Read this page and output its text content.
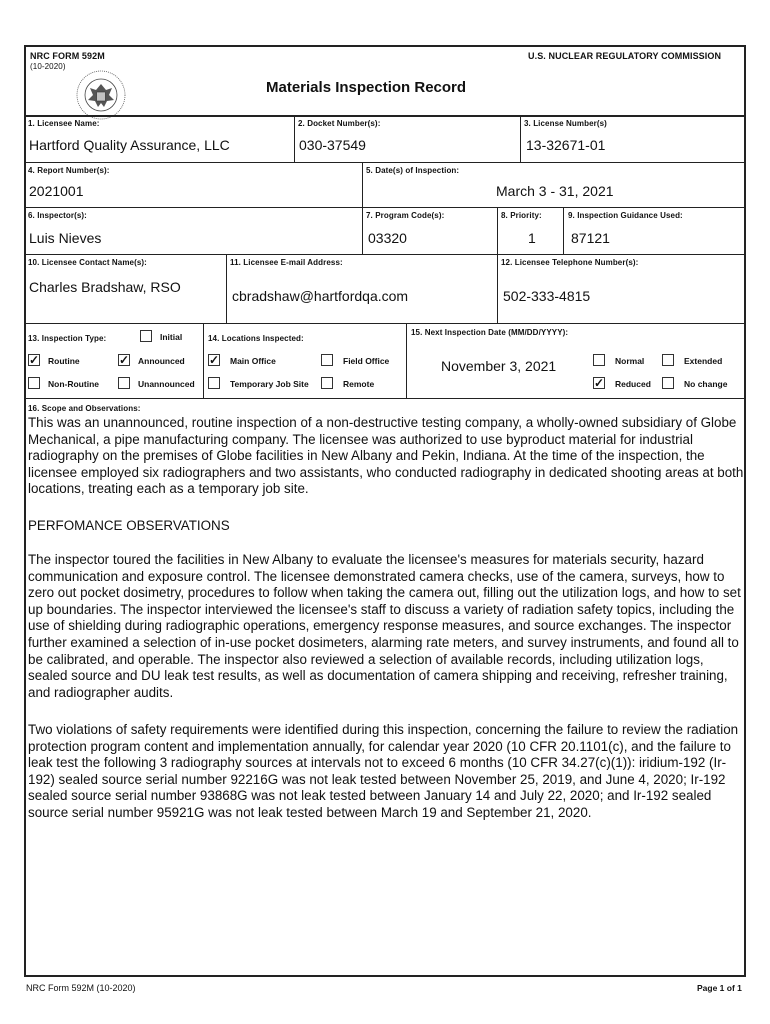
NRC FORM 592M
(10-2020)
U.S. NUCLEAR REGULATORY COMMISSION
Materials Inspection Record
1. Licensee Name:
Hartford Quality Assurance, LLC
2. Docket Number(s):
030-37549
3. License Number(s)
13-32671-01
4. Report Number(s):
2021001
5. Date(s) of Inspection:
March 3 - 31, 2021
6. Inspector(s):
Luis Nieves
7. Program Code(s):
03320
8. Priority:
1
9. Inspection Guidance Used:
87121
10. Licensee Contact Name(s):
Charles Bradshaw, RSO
11. Licensee E-mail Address:
cbradshaw@hartfordqa.com
12. Licensee Telephone Number(s):
502-333-4815
13. Inspection Type:	Initial
✓ Routine	✓ Announced
Non-Routine	Unannounced
14. Locations Inspected:
✓ Main Office	Field Office
Temporary Job Site	Remote
15. Next Inspection Date (MM/DD/YYYY):
November 3, 2021	Normal	Extended
✓ Reduced	No change
16. Scope and Observations:

This was an unannounced, routine inspection of a non-destructive testing company, a wholly-owned subsidiary of Globe Mechanical, a pipe manufacturing company. The licensee was authorized to use byproduct material for industrial radiography on the premises of Globe facilities in New Albany and Pekin, Indiana. At the time of the inspection, the licensee employed six radiographers and two assistants, who conducted radiography in dedicated shooting areas at both locations, treating each as a temporary job site.

PERFOMANCE OBSERVATIONS

The inspector toured the facilities in New Albany to evaluate the licensee's measures for materials security, hazard communication and exposure control. The licensee demonstrated camera checks, use of the camera, surveys, how to zero out pocket dosimetry, procedures to follow when taking the camera out, filling out the utilization logs, and how to set up boundaries. The inspector interviewed the licensee's staff to discuss a variety of radiation safety topics, including the use of shielding during radiographic operations, emergency response measures, and source exchanges. The inspector further examined a selection of in-use pocket dosimeters, alarming rate meters, and survey instruments, and found all to be calibrated, and operable. The inspector also reviewed a selection of available records, including utilization logs, sealed source and DU leak test results, as well as documentation of camera shipping and receiving, refresher training, and radiographer audits.

Two violations of safety requirements were identified during this inspection, concerning the failure to review the radiation protection program content and implementation annually, for calendar year 2020 (10 CFR 20.1101(c), and the failure to leak test the following 3 radiography sources at intervals not to exceed 6 months (10 CFR 34.27(c)(1)): iridium-192 (Ir-192) sealed source serial number 92216G was not leak tested between November 25, 2019, and June 4, 2020; Ir-192 sealed source serial number 93868G was not leak tested between January 14 and July 22, 2020; and Ir-192 sealed source serial number 95921G was not leak tested between March 19 and September 21, 2020.

NRC Form 592M (10-2020)	Page 1 of 1
